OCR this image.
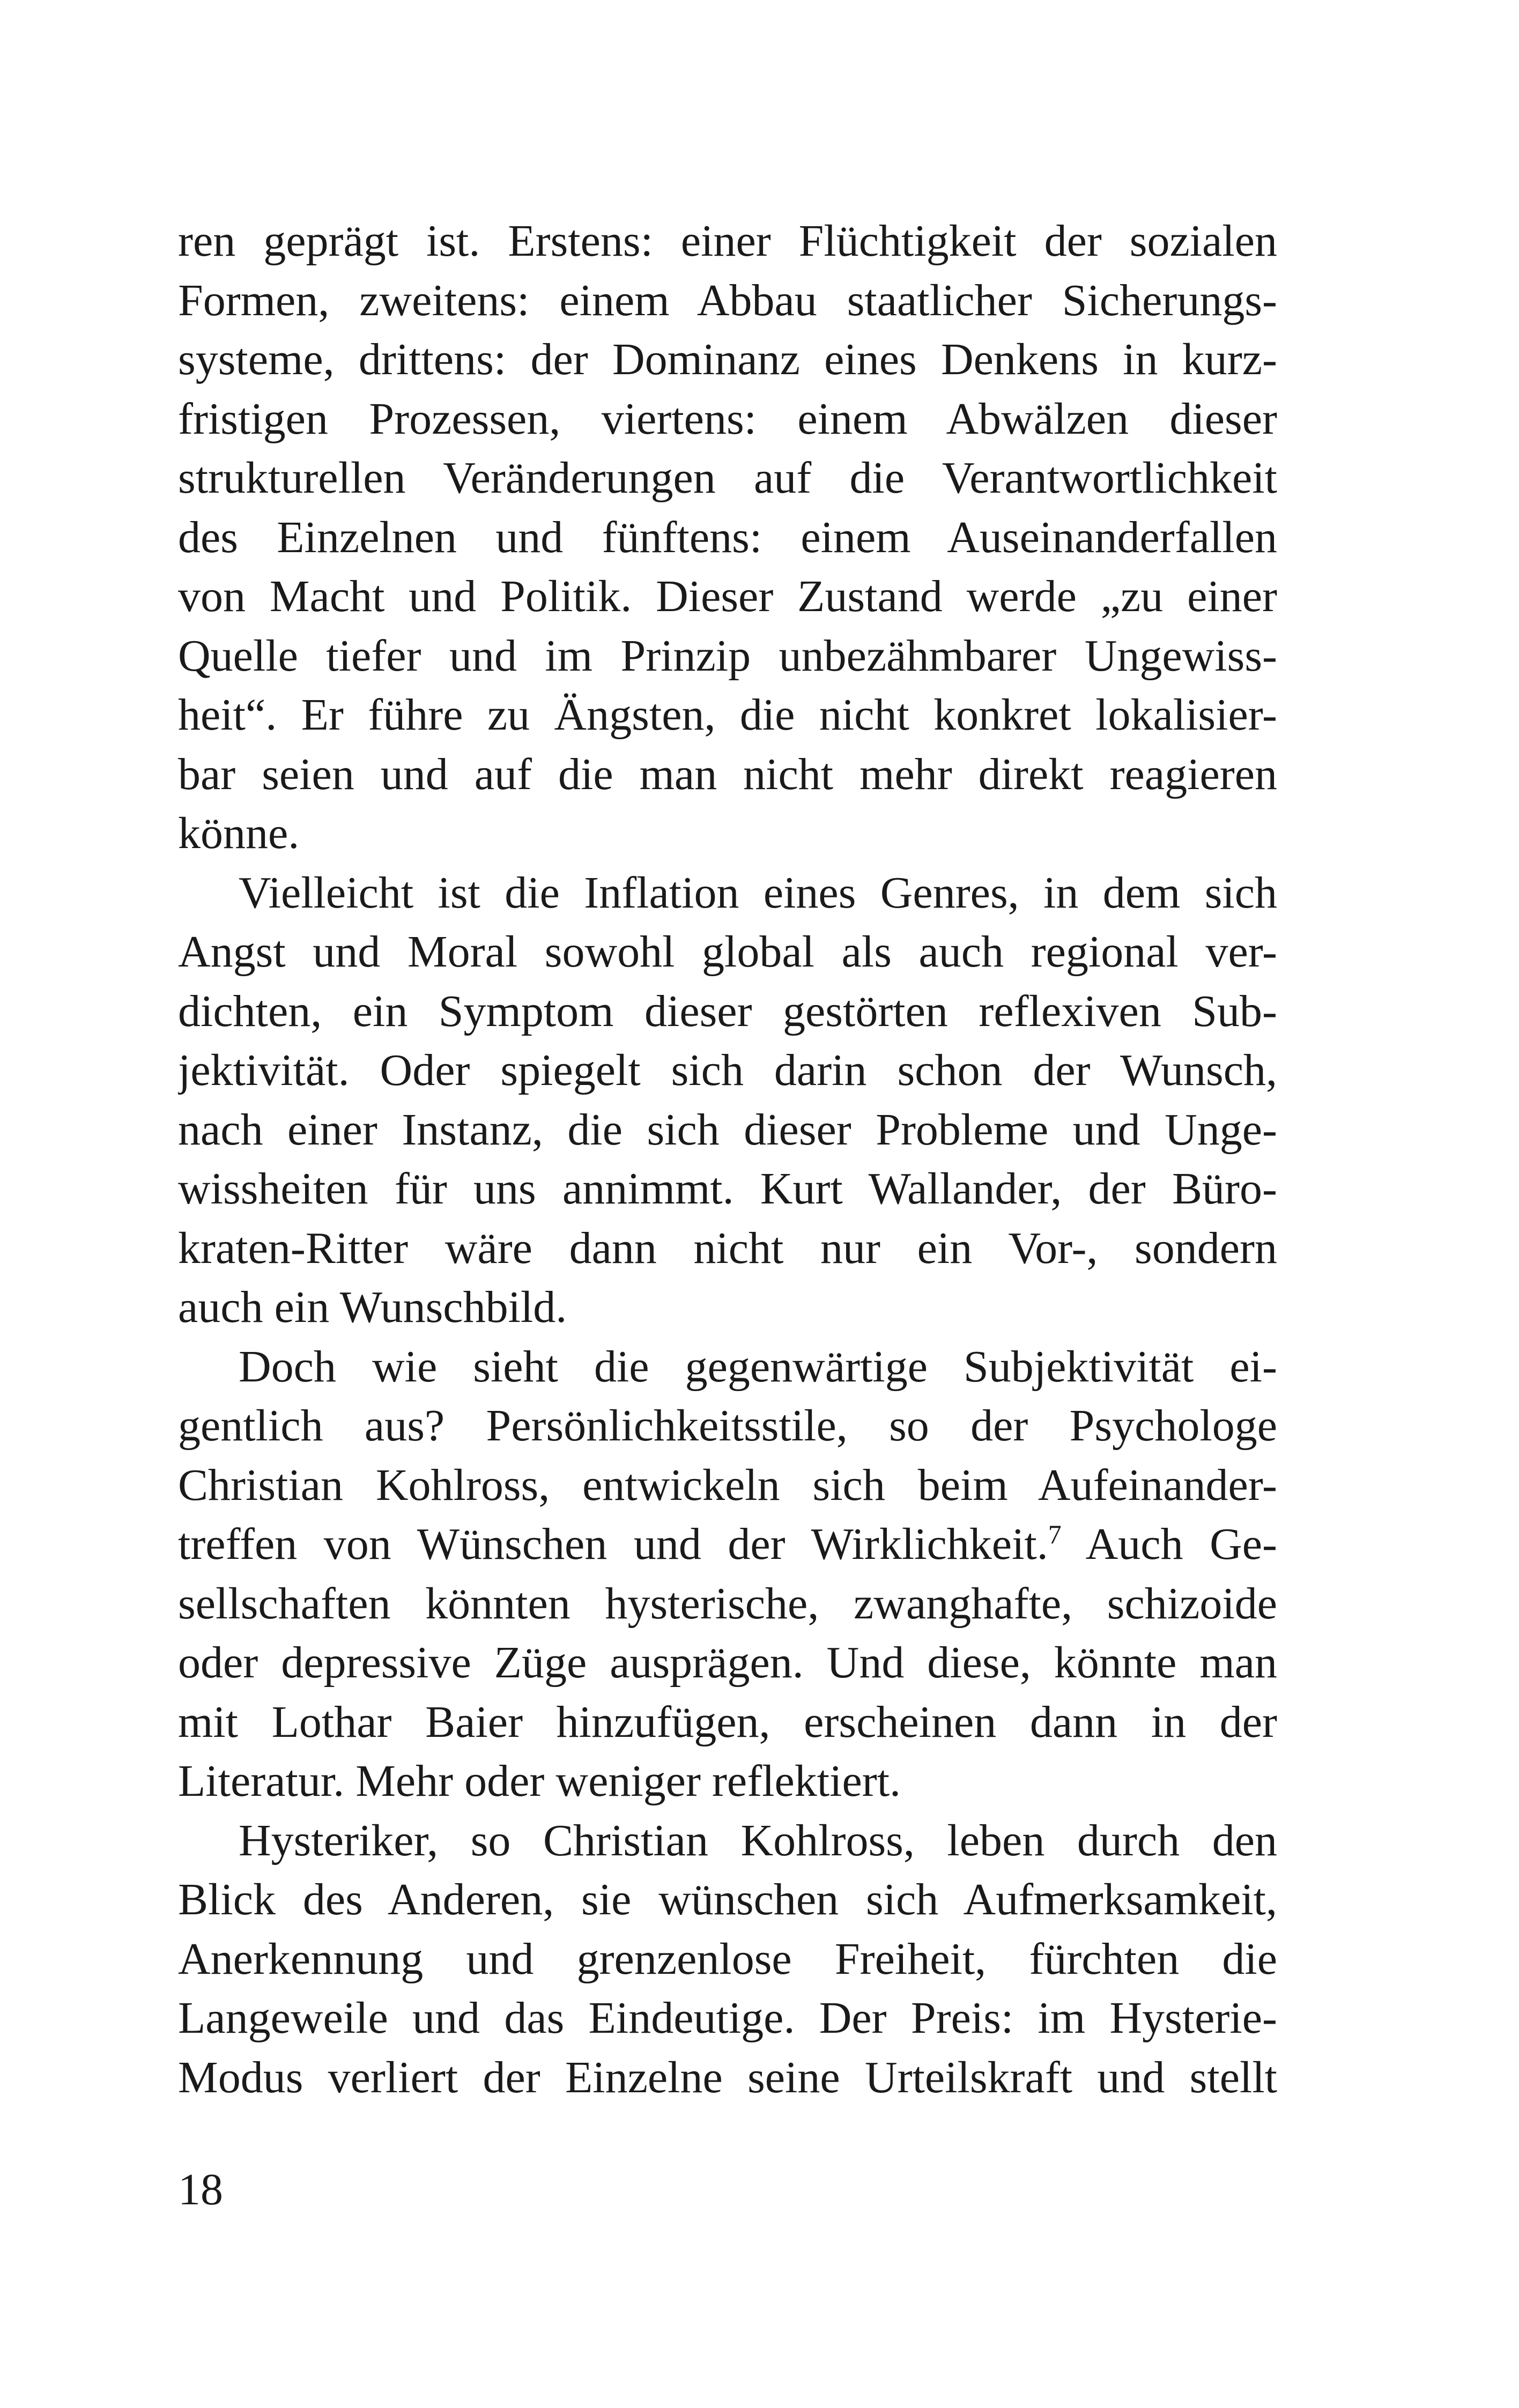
ren geprägt ist. Erstens: einer Flüchtigkeit der sozialen
Formen, zweitens: einem Abbau staatlicher Sicherungs-
systeme, drittens: der Dominanz eines Denkens in kurz-
fristigen Prozessen, viertens: einem Abwälzen dieser
strukturellen Veränderungen auf die Verantwortlichkeit
des Einzelnen und fünftens: einem Auseinanderfallen
von Macht und Politik. Dieser Zustand werde „zu einer
Quelle tiefer und im Prinzip unbezähmbarer Ungewiss-
heit“. Er führe zu Ängsten, die nicht konkret lokalisier-
bar seien und auf die man nicht mehr direkt reagieren
könne.
Vielleicht ist die Inflation eines Genres, in dem sich
Angst und Moral sowohl global als auch regional ver-
dichten, ein Symptom dieser gestörten reflexiven Sub-
jektivität. Oder spiegelt sich darin schon der Wunsch,
nach einer Instanz, die sich dieser Probleme und Unge-
wissheiten für uns annimmt. Kurt Wallander, der Büro-
kraten-Ritter wäre dann nicht nur ein Vor-, sondern
auch ein Wunschbild.
Doch wie sieht die gegenwärtige Subjektivität ei-
gentlich aus? Persönlichkeitsstile, so der Psychologe
Christian Kohlross, entwickeln sich beim Aufeinander-
treffen von Wünschen und der Wirklichkeit.$^7$ Auch Ge-
sellschaften könnten hysterische, zwanghafte, schizoide
oder depressive Züge ausprägen. Und diese, könnte man
mit Lothar Baier hinzufügen, erscheinen dann in der
Literatur. Mehr oder weniger reflektiert.
Hysteriker, so Christian Kohlross, leben durch den
Blick des Anderen, sie wünschen sich Aufmerksamkeit,
Anerkennung und grenzenlose Freiheit, fürchten die
Langeweile und das Eindeutige. Der Preis: im Hysterie-
Modus verliert der Einzelne seine Urteilskraft und stellt
18
